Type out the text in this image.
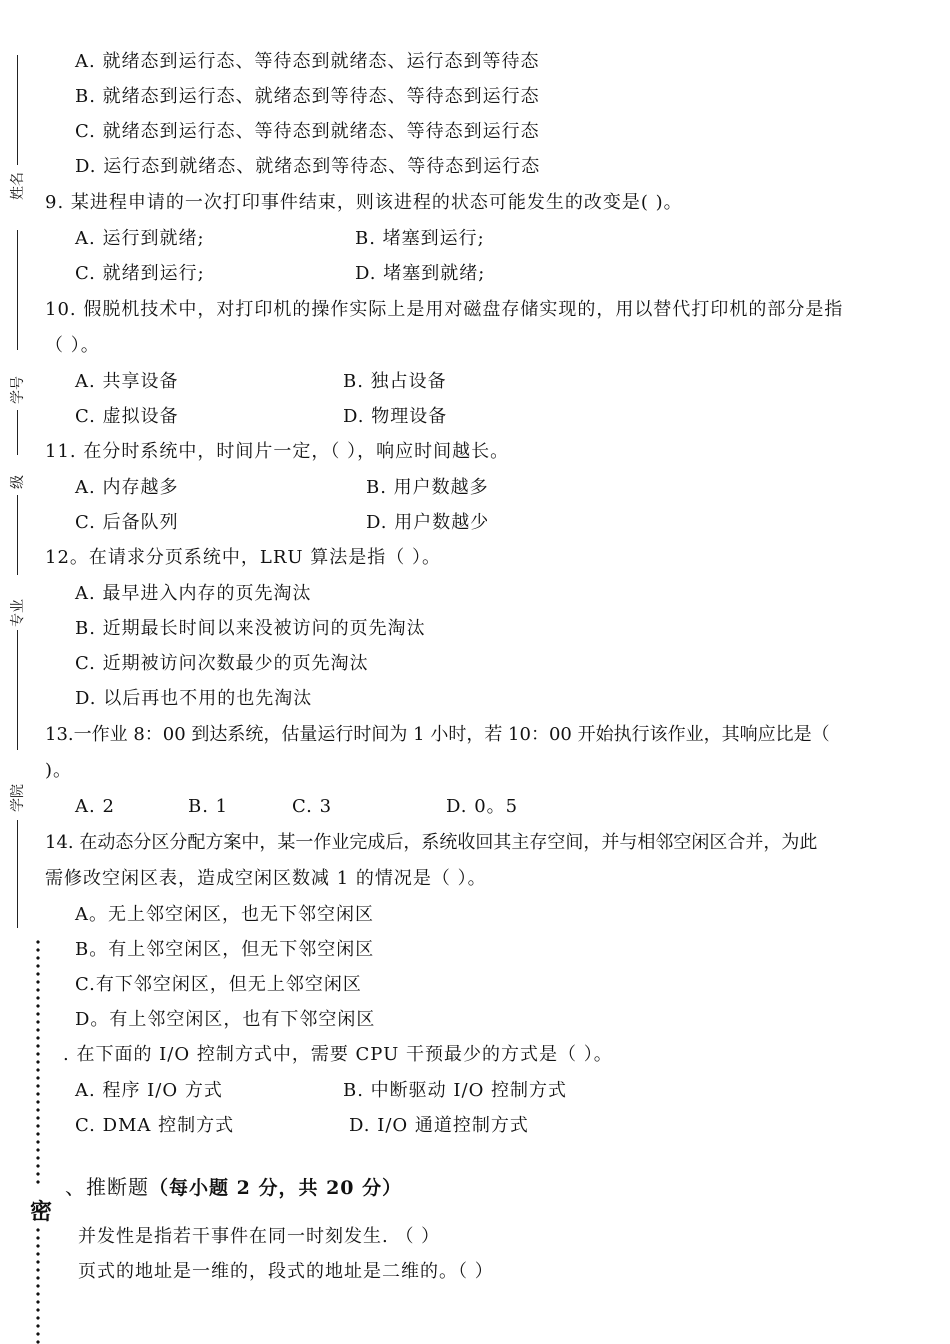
姓名
学号
级
专业
学院
密
A. 就绪态到运行态、等待态到就绪态、运行态到等待态
B. 就绪态到运行态、就绪态到等待态、等待态到运行态
C. 就绪态到运行态、等待态到就绪态、等待态到运行态
D. 运行态到就绪态、就绪态到等待态、等待态到运行态
9. 某进程申请的一次打印事件结束，则该进程的状态可能发生的改变是( )。
A. 运行到就绪;	B. 堵塞到运行;
C. 就绪到运行;	D. 堵塞到就绪;
10. 假脱机技术中，对打印机的操作实际上是用对磁盘存储实现的，用以替代打印机的部分是指
（ ）。
A. 共享设备	B. 独占设备
C. 虚拟设备	D. 物理设备
11. 在分时系统中，时间片一定，（ ），响应时间越长。
A. 内存越多	B. 用户数越多
C. 后备队列	D. 用户数越少
12。在请求分页系统中，LRU 算法是指（ ）。
A. 最早进入内存的页先淘汰
B. 近期最长时间以来没被访问的页先淘汰
C. 近期被访问次数最少的页先淘汰
D. 以后再也不用的也先淘汰
13.一作业 8：00 到达系统，估量运行时间为 1 小时，若 10：00 开始执行该作业，其响应比是（
)。
A. 2	B. 1	C. 3	D. 0。5
14. 在动态分区分配方案中，某一作业完成后，系统收回其主存空间，并与相邻空闲区合并，为此
需修改空闲区表，造成空闲区数减 1 的情况是（ ）。
A。无上邻空闲区，也无下邻空闲区
B。有上邻空闲区，但无下邻空闲区
C.有下邻空闲区，但无上邻空闲区
D。有上邻空闲区，也有下邻空闲区
. 在下面的 I/O 控制方式中，需要 CPU 干预最少的方式是（ ）。
A. 程序 I/O 方式	B. 中断驱动 I/O 控制方式
C. DMA 控制方式	D. I/O 通道控制方式
、推断题（每小题 2 分，共 20 分）
并发性是指若干事件在同一时刻发生. （ ）
页式的地址是一维的，段式的地址是二维的。（ ）
